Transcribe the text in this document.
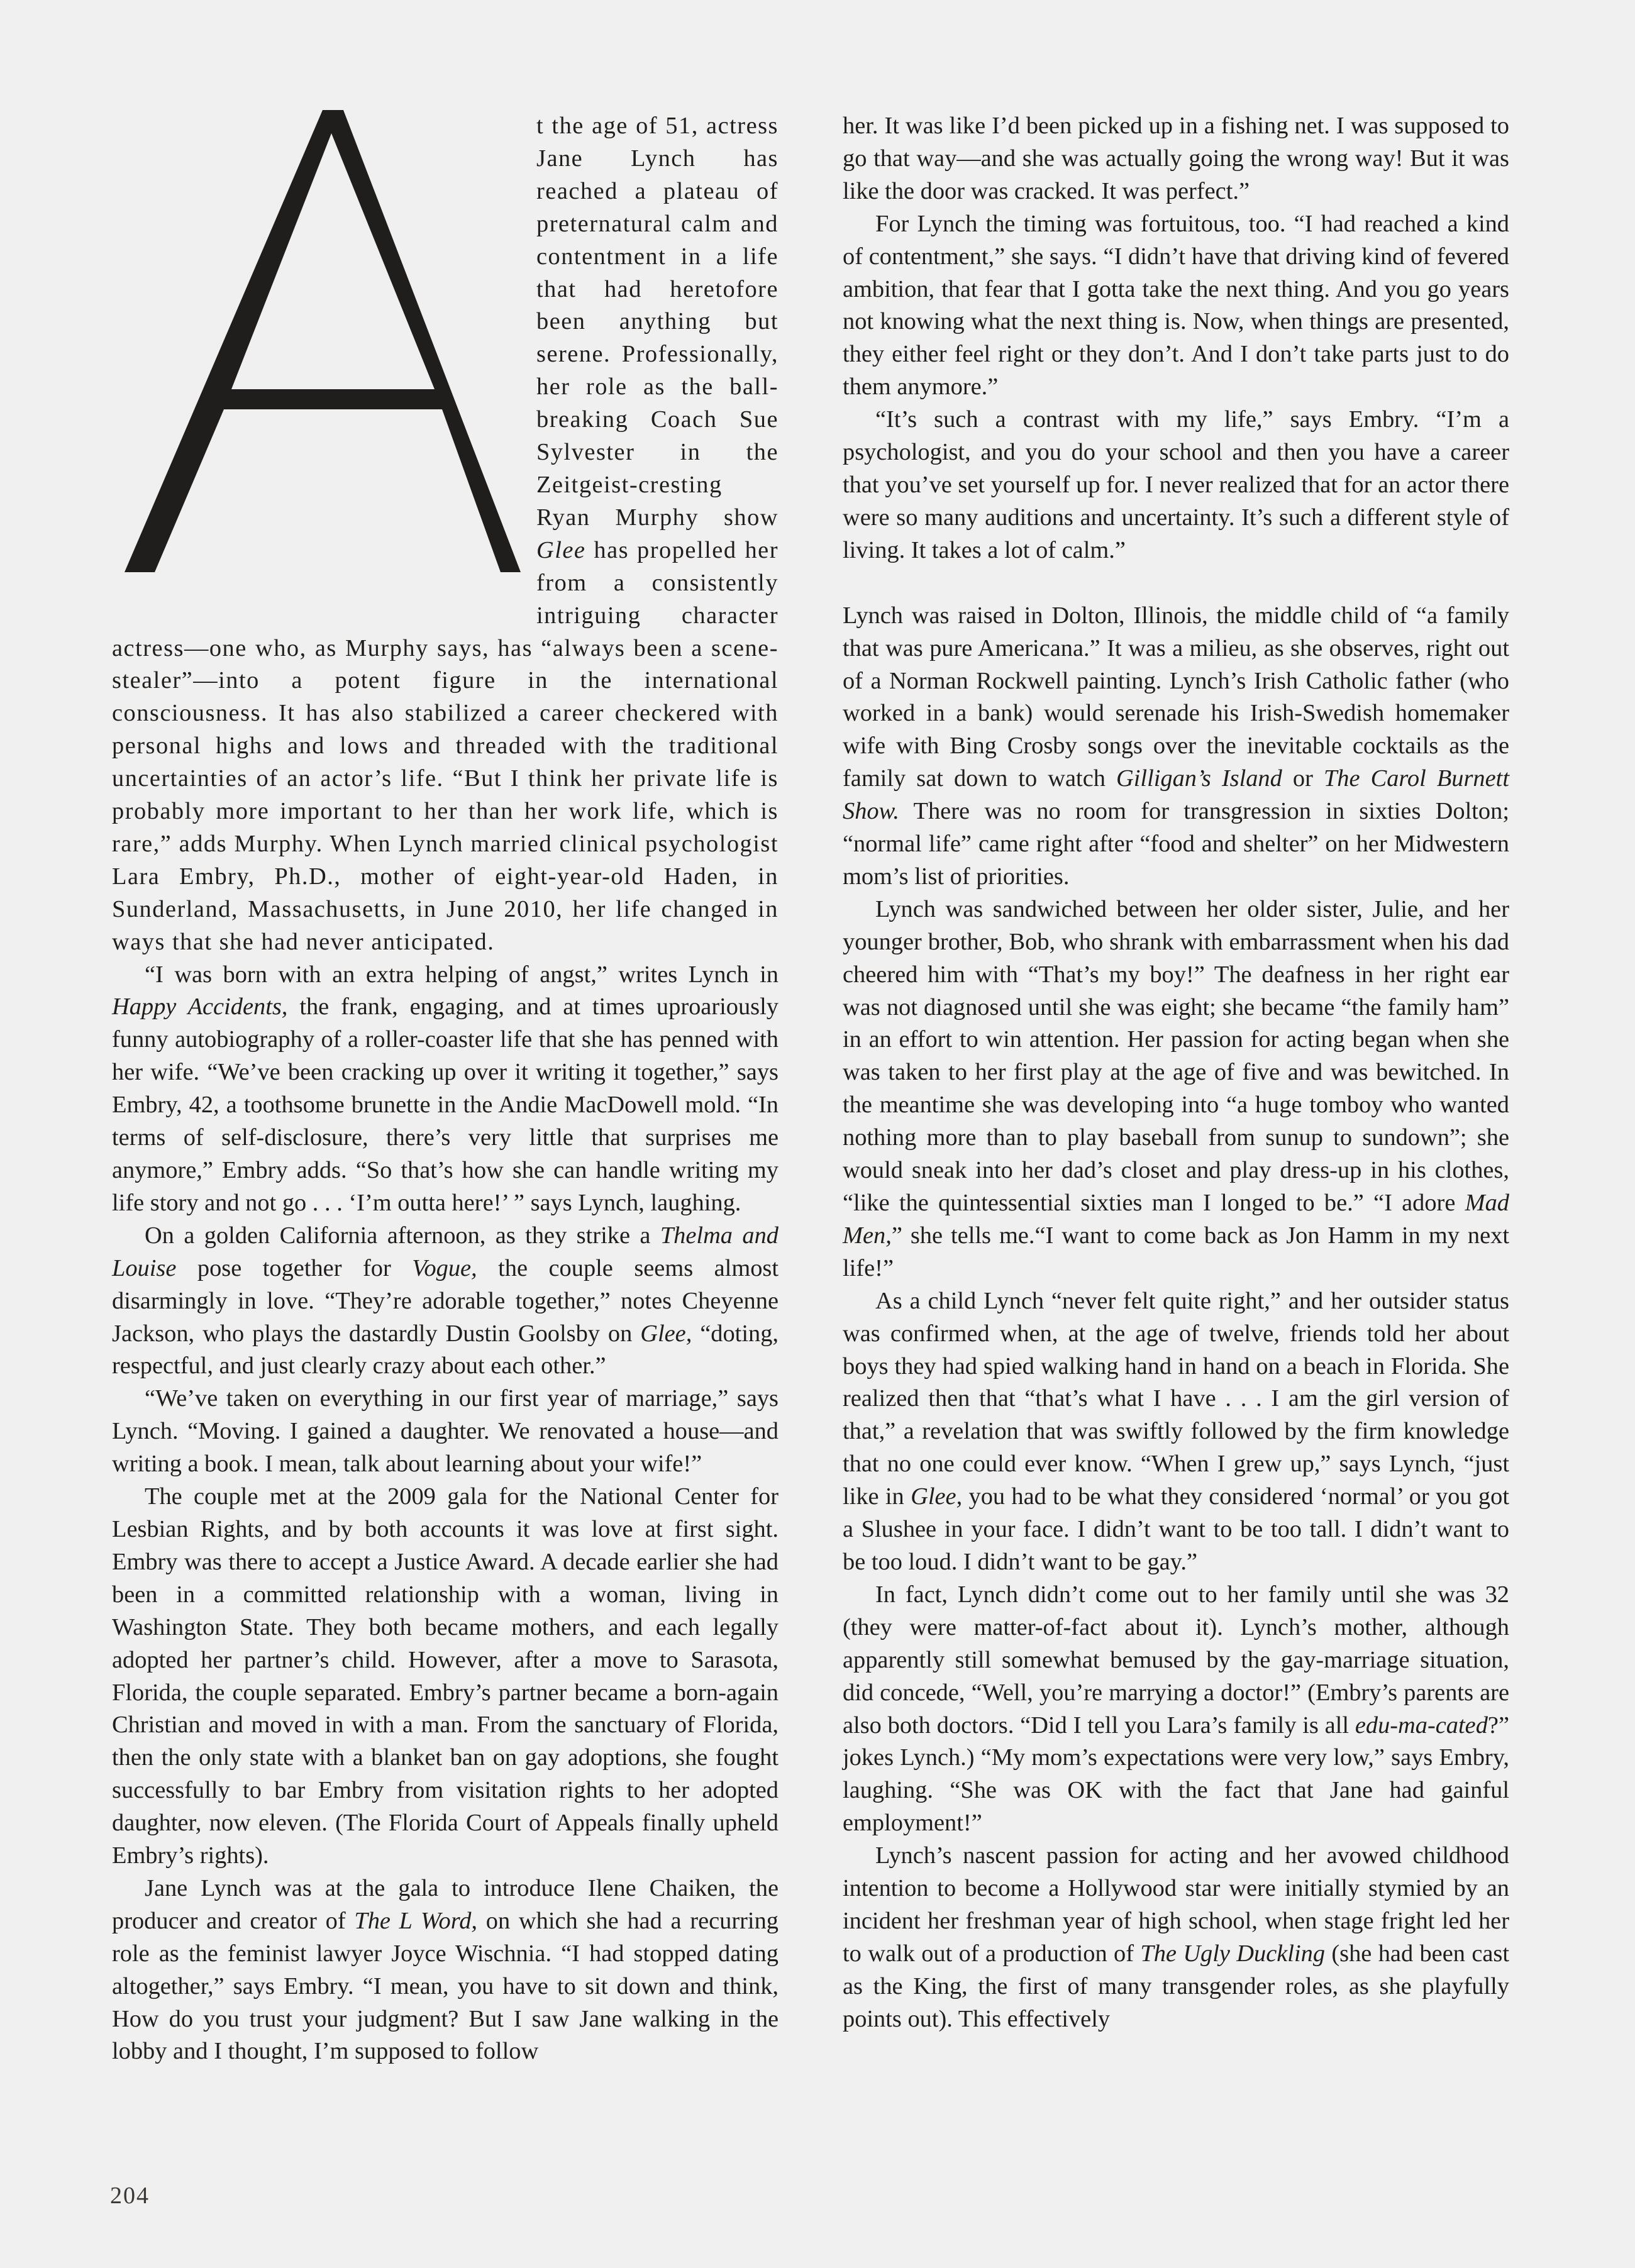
t the age of 51, actress Jane Lynch has reached a plateau of preternatural calm and contentment in a life that had heretofore been anything but serene. Professionally, her role as the ball-breaking Coach Sue Sylvester in the Zeitgeist-cresting Ryan Murphy show Glee has propelled her from a consistently intriguing character actress—one who, as Murphy says, has “always been a scene-stealer”—into a potent figure in the international consciousness. It has also stabilized a career checkered with personal highs and lows and threaded with the traditional uncertainties of an actor’s life. “But I think her private life is probably more important to her than her work life, which is rare,” adds Murphy. When Lynch married clinical psychologist Lara Embry, Ph.D., mother of eight-year-old Haden, in Sunderland, Massachusetts, in June 2010, her life changed in ways that she had never anticipated.

“I was born with an extra helping of angst,” writes Lynch in Happy Accidents, the frank, engaging, and at times uproariously funny autobiography of a roller-coaster life that she has penned with her wife. “We’ve been cracking up over it writing it together,” says Embry, 42, a toothsome brunette in the Andie MacDowell mold. “In terms of self-disclosure, there’s very little that surprises me anymore,” Embry adds. “So that’s how she can handle writing my life story and not go . . . ‘I’m outta here!’ ” says Lynch, laughing.

On a golden California afternoon, as they strike a Thelma and Louise pose together for Vogue, the couple seems almost disarmingly in love. “They’re adorable together,” notes Cheyenne Jackson, who plays the dastardly Dustin Goolsby on Glee, “doting, respectful, and just clearly crazy about each other.”

“We’ve taken on everything in our first year of marriage,” says Lynch. “Moving. I gained a daughter. We renovated a house—and writing a book. I mean, talk about learning about your wife!”

The couple met at the 2009 gala for the National Center for Lesbian Rights, and by both accounts it was love at first sight. Embry was there to accept a Justice Award. A decade earlier she had been in a committed relationship with a woman, living in Washington State. They both became mothers, and each legally adopted her partner’s child. However, after a move to Sarasota, Florida, the couple separated. Embry’s partner became a born-again Christian and moved in with a man. From the sanctuary of Florida, then the only state with a blanket ban on gay adoptions, she fought successfully to bar Embry from visitation rights to her adopted daughter, now eleven. (The Florida Court of Appeals finally upheld Embry’s rights).

Jane Lynch was at the gala to introduce Ilene Chaiken, the producer and creator of The L Word, on which she had a recurring role as the feminist lawyer Joyce Wischnia. “I had stopped dating altogether,” says Embry. “I mean, you have to sit down and think, How do you trust your judgment? But I saw Jane walking in the lobby and I thought, I’m supposed to follow

her. It was like I’d been picked up in a fishing net. I was supposed to go that way—and she was actually going the wrong way! But it was like the door was cracked. It was perfect.”

For Lynch the timing was fortuitous, too. “I had reached a kind of contentment,” she says. “I didn’t have that driving kind of fevered ambition, that fear that I gotta take the next thing. And you go years not knowing what the next thing is. Now, when things are presented, they either feel right or they don’t. And I don’t take parts just to do them anymore.”

“It’s such a contrast with my life,” says Embry. “I’m a psychologist, and you do your school and then you have a career that you’ve set yourself up for. I never realized that for an actor there were so many auditions and uncertainty. It’s such a different style of living. It takes a lot of calm.”

Lynch was raised in Dolton, Illinois, the middle child of “a family that was pure Americana.” It was a milieu, as she observes, right out of a Norman Rockwell painting. Lynch’s Irish Catholic father (who worked in a bank) would serenade his Irish-Swedish homemaker wife with Bing Crosby songs over the inevitable cocktails as the family sat down to watch Gilligan’s Island or The Carol Burnett Show. There was no room for transgression in sixties Dolton; “normal life” came right after “food and shelter” on her Midwestern mom’s list of priorities.

Lynch was sandwiched between her older sister, Julie, and her younger brother, Bob, who shrank with embarrassment when his dad cheered him with “That’s my boy!” The deafness in her right ear was not diagnosed until she was eight; she became “the family ham” in an effort to win attention. Her passion for acting began when she was taken to her first play at the age of five and was bewitched. In the meantime she was developing into “a huge tomboy who wanted nothing more than to play baseball from sunup to sundown”; she would sneak into her dad’s closet and play dress-up in his clothes, “like the quintessential sixties man I longed to be.” “I adore Mad Men,” she tells me.“I want to come back as Jon Hamm in my next life!”

As a child Lynch “never felt quite right,” and her outsider status was confirmed when, at the age of twelve, friends told her about boys they had spied walking hand in hand on a beach in Florida. She realized then that “that’s what I have . . . I am the girl version of that,” a revelation that was swiftly followed by the firm knowledge that no one could ever know. “When I grew up,” says Lynch, “just like in Glee, you had to be what they considered ‘normal’ or you got a Slushee in your face. I didn’t want to be too tall. I didn’t want to be too loud. I didn’t want to be gay.”

In fact, Lynch didn’t come out to her family until she was 32 (they were matter-of-fact about it). Lynch’s mother, although apparently still somewhat bemused by the gay-marriage situation, did concede, “Well, you’re marrying a doctor!” (Embry’s parents are also both doctors. “Did I tell you Lara’s family is all edu-ma-cated?” jokes Lynch.) “My mom’s expectations were very low,” says Embry, laughing. “She was OK with the fact that Jane had gainful employment!”

Lynch’s nascent passion for acting and her avowed childhood intention to become a Hollywood star were initially stymied by an incident her freshman year of high school, when stage fright led her to walk out of a production of The Ugly Duckling (she had been cast as the King, the first of many transgender roles, as she playfully points out). This effectively

204
